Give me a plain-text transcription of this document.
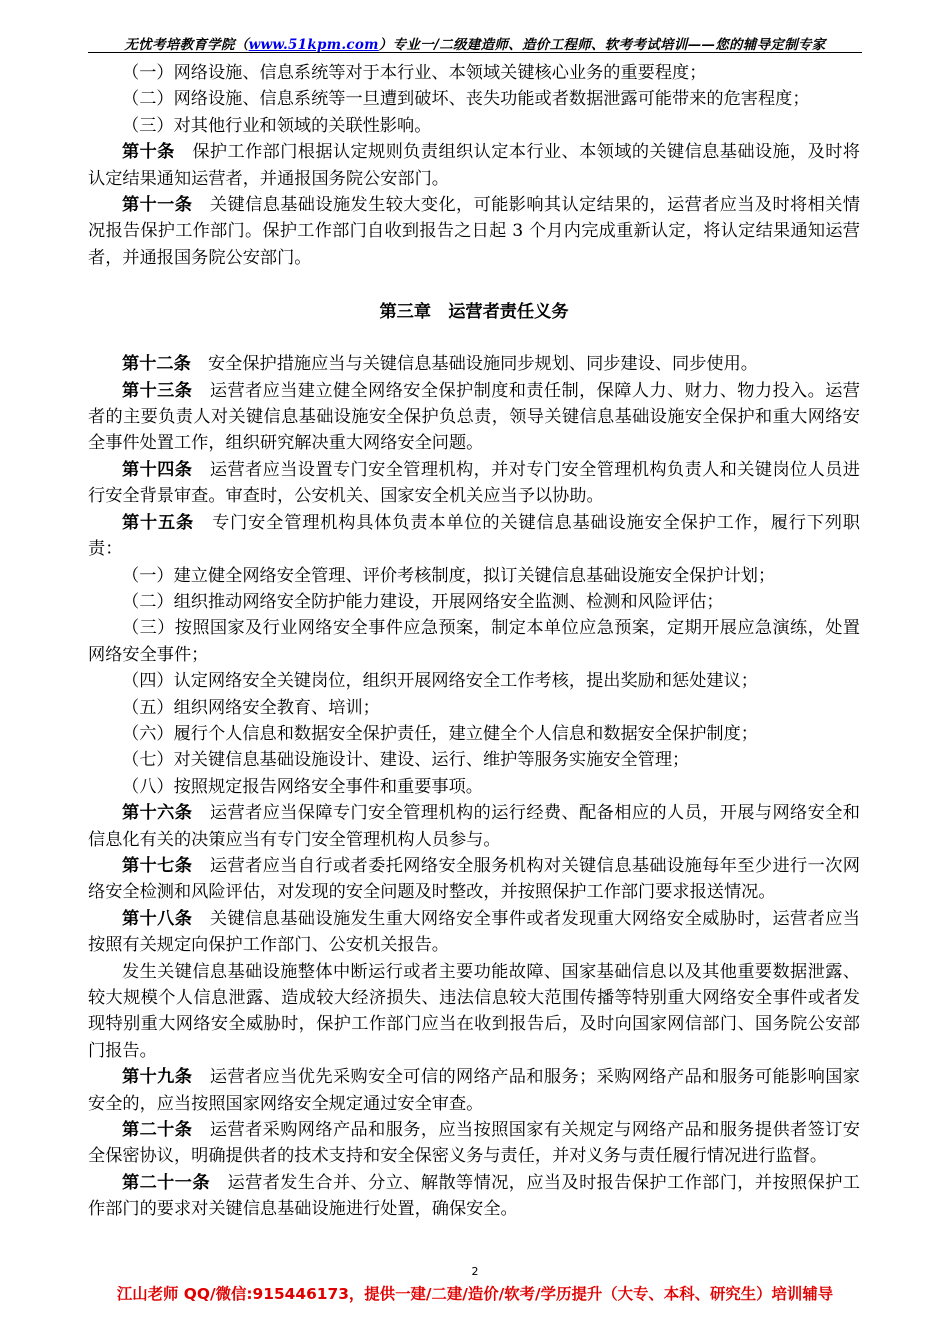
无忧考培教育学院（www.51kpm.com）专业一/二级建造师、造价工程师、软考考试培训——您的辅导定制专家

（一）网络设施、信息系统等对于本行业、本领域关键核心业务的重要程度；

（二）网络设施、信息系统等一旦遭到破坏、丧失功能或者数据泄露可能带来的危害程度；

（三）对其他行业和领域的关联性影响。

第十条　保护工作部门根据认定规则负责组织认定本行业、本领域的关键信息基础设施，及时将认定结果通知运营者，并通报国务院公安部门。

第十一条　关键信息基础设施发生较大变化，可能影响其认定结果的，运营者应当及时将相关情况报告保护工作部门。保护工作部门自收到报告之日起 3 个月内完成重新认定，将认定结果通知运营者，并通报国务院公安部门。

第三章　运营者责任义务

第十二条　安全保护措施应当与关键信息基础设施同步规划、同步建设、同步使用。

第十三条　运营者应当建立健全网络安全保护制度和责任制，保障人力、财力、物力投入。运营者的主要负责人对关键信息基础设施安全保护负总责，领导关键信息基础设施安全保护和重大网络安全事件处置工作，组织研究解决重大网络安全问题。

第十四条　运营者应当设置专门安全管理机构，并对专门安全管理机构负责人和关键岗位人员进行安全背景审查。审查时，公安机关、国家安全机关应当予以协助。

第十五条　专门安全管理机构具体负责本单位的关键信息基础设施安全保护工作，履行下列职责：

（一）建立健全网络安全管理、评价考核制度，拟订关键信息基础设施安全保护计划；

（二）组织推动网络安全防护能力建设，开展网络安全监测、检测和风险评估；

（三）按照国家及行业网络安全事件应急预案，制定本单位应急预案，定期开展应急演练，处置网络安全事件；

（四）认定网络安全关键岗位，组织开展网络安全工作考核，提出奖励和惩处建议；

（五）组织网络安全教育、培训；

（六）履行个人信息和数据安全保护责任，建立健全个人信息和数据安全保护制度；

（七）对关键信息基础设施设计、建设、运行、维护等服务实施安全管理；

（八）按照规定报告网络安全事件和重要事项。

第十六条　运营者应当保障专门安全管理机构的运行经费、配备相应的人员，开展与网络安全和信息化有关的决策应当有专门安全管理机构人员参与。

第十七条　运营者应当自行或者委托网络安全服务机构对关键信息基础设施每年至少进行一次网络安全检测和风险评估，对发现的安全问题及时整改，并按照保护工作部门要求报送情况。

第十八条　关键信息基础设施发生重大网络安全事件或者发现重大网络安全威胁时，运营者应当按照有关规定向保护工作部门、公安机关报告。

发生关键信息基础设施整体中断运行或者主要功能故障、国家基础信息以及其他重要数据泄露、较大规模个人信息泄露、造成较大经济损失、违法信息较大范围传播等特别重大网络安全事件或者发现特别重大网络安全威胁时，保护工作部门应当在收到报告后，及时向国家网信部门、国务院公安部门报告。

第十九条　运营者应当优先采购安全可信的网络产品和服务；采购网络产品和服务可能影响国家安全的，应当按照国家网络安全规定通过安全审查。

第二十条　运营者采购网络产品和服务，应当按照国家有关规定与网络产品和服务提供者签订安全保密协议，明确提供者的技术支持和安全保密义务与责任，并对义务与责任履行情况进行监督。

第二十一条　运营者发生合并、分立、解散等情况，应当及时报告保护工作部门，并按照保护工作部门的要求对关键信息基础设施进行处置，确保安全。

2
江山老师 QQ/微信:915446173，提供一建/二建/造价/软考/学历提升（大专、本科、研究生）培训辅导
